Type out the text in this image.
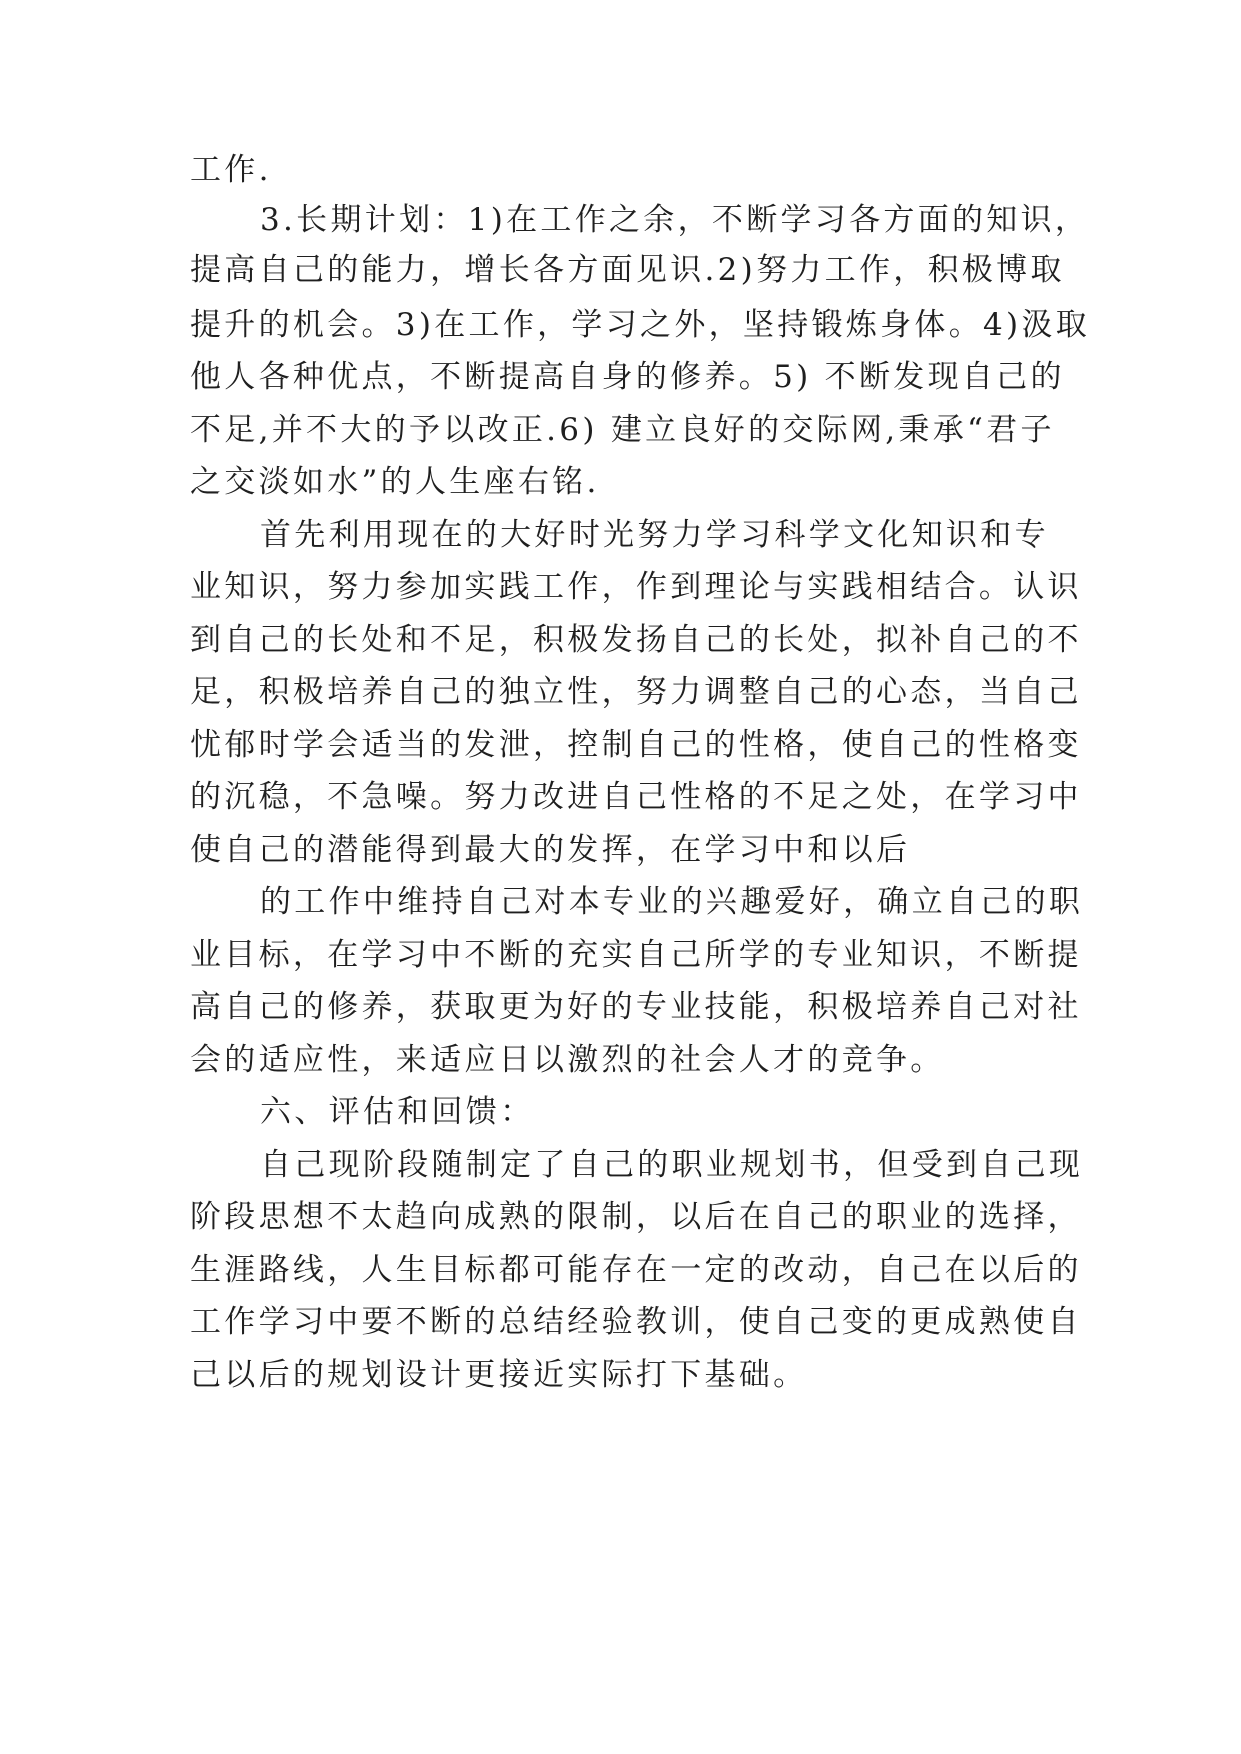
工作.

3.长期计划：1)在工作之余，不断学习各方面的知识，

提高自己的能力，增长各方面见识.2)努力工作，积极博取

提升的机会。3)在工作，学习之外，坚持锻炼身体。4)汲取

他人各种优点，不断提高自身的修养。5) 不断发现自己的

不足,并不大的予以改正.6) 建立良好的交际网,秉承“君子

之交淡如水”的人生座右铭.

首先利用现在的大好时光努力学习科学文化知识和专

业知识，努力参加实践工作，作到理论与实践相结合。认识

到自己的长处和不足，积极发扬自己的长处，拟补自己的不

足，积极培养自己的独立性，努力调整自己的心态，当自己

忧郁时学会适当的发泄，控制自己的性格，使自己的性格变

的沉稳，不急噪。努力改进自己性格的不足之处，在学习中

使自己的潜能得到最大的发挥，在学习中和以后

的工作中维持自己对本专业的兴趣爱好，确立自己的职

业目标，在学习中不断的充实自己所学的专业知识，不断提

高自己的修养，获取更为好的专业技能，积极培养自己对社

会的适应性，来适应日以激烈的社会人才的竞争。

六、评估和回馈：

自己现阶段随制定了自己的职业规划书，但受到自己现

阶段思想不太趋向成熟的限制，以后在自己的职业的选择，

生涯路线，人生目标都可能存在一定的改动，自己在以后的

工作学习中要不断的总结经验教训，使自己变的更成熟使自

己以后的规划设计更接近实际打下基础。
